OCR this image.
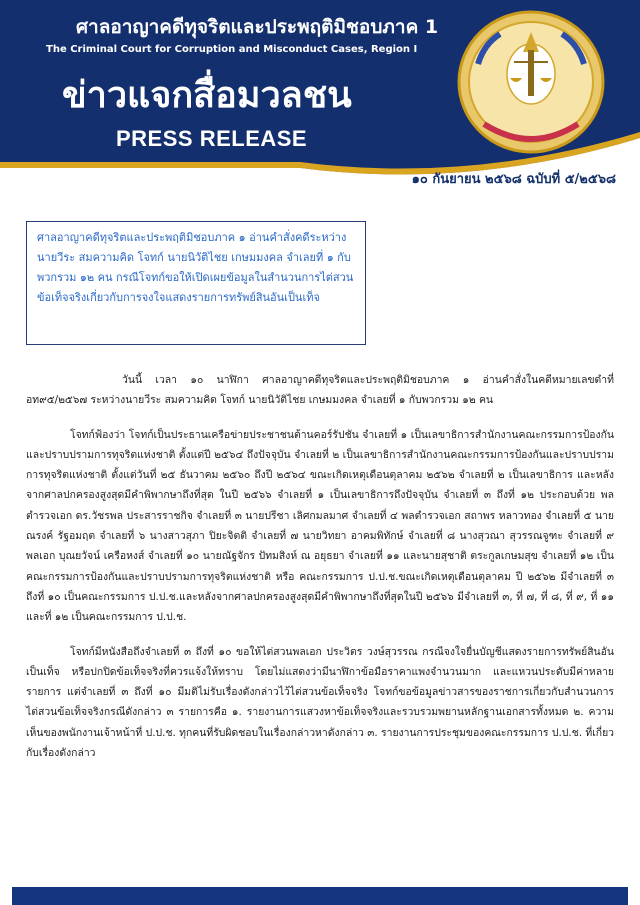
ศาลอาญาคดีทุจริตและประพฤติมิชอบภาค 1
The Criminal Court for Corruption and Misconduct Cases, Region I
ข่าวแจกสื่อมวลชน
PRESS RELEASE
๑๐ กันยายน ๒๕๖๘ ฉบับที่ ๕/๒๕๖๘
ศาลอาญาคดีทุจริตและประพฤติมิชอบภาค ๑ อ่านคำสั่งคดีระหว่าง นายวีระ สมความคิด โจทก์ นายนิวัติไชย เกษมมงคล จำเลยที่ ๑ กับพวกรวม ๑๒ คน กรณีโจทก์ขอให้เปิดเผยข้อมูลในสำนวนการไต่สวนข้อเท็จจริงเกี่ยวกับการจงใจแสดงรายการทรัพย์สินอันเป็นเท็จ

วันนี้ เวลา ๑๐ นาฬิกา ศาลอาญาคดีทุจริตและประพฤติมิชอบภาค ๑ อ่านคำสั่งในคดีหมายเลขดำที่ อท๙๕/๒๕๖๗ ระหว่างนายวีระ สมความคิด โจทก์ นายนิวัติไชย เกษมมงคล จำเลยที่ ๑ กับพวกรวม ๑๒ คน

โจทก์ฟ้องว่า โจทก์เป็นประธานเครือข่ายประชาชนต้านคอร์รัปชัน จำเลยที่ ๑ เป็นเลขาธิการสำนักงานคณะกรรมการป้องกันและปราบปรามการทุจริตแห่งชาติ ตั้งแต่ปี ๒๕๖๔ ถึงปัจจุบัน จำเลยที่ ๒ เป็นเลขาธิการสำนักงานคณะกรรมการป้องกันและปราบปรามการทุจริตแห่งชาติ ตั้งแต่วันที่ ๒๕ ธันวาคม ๒๕๖๐ ถึงปี ๒๕๖๔ ขณะเกิดเหตุเดือนตุลาคม ๒๕๖๒ จำเลยที่ ๒ เป็นเลขาธิการ และหลังจากศาลปกครองสูงสุดมีคำพิพากษาถึงที่สุด ในปี ๒๕๖๖ จำเลยที่ ๑ เป็นเลขาธิการถึงปัจจุบัน จำเลยที่ ๓ ถึงที่ ๑๒ ประกอบด้วย พลตำรวจเอก ดร.วัชรพล ประสารราชกิจ จำเลยที่ ๓ นายปรีชา เลิศกมลมาศ จำเลยที่ ๔ พลตำรวจเอก สถาพร หลาวทอง จำเลยที่ ๕ นายณรงค์ รัฐอมฤต จำเลยที่ ๖ นางสาวสุภา ปิยะจิตติ จำเลยที่ ๗ นายวิทยา อาคมพิทักษ์ จำเลยที่ ๘ นางสุวณา สุวรรณจูฑะ จำเลยที่ ๙ พลเอก บุณยวัจน์ เครือหงส์ จำเลยที่ ๑๐ นายณัฐจักร ปัทมสิงห์ ณ อยุธยา จำเลยที่ ๑๑ และนายสุชาติ ตระกูลเกษมสุข จำเลยที่ ๑๒ เป็นคณะกรรมการป้องกันและปราบปรามการทุจริตแห่งชาติ หรือ คณะกรรมการ ป.ป.ช.ขณะเกิดเหตุเดือนตุลาคม ปี ๒๕๖๒ มีจำเลยที่ ๓ ถึงที่ ๑๐ เป็นคณะกรรมการ ป.ป.ช.และหลังจากศาลปกครองสูงสุดมีคำพิพากษาถึงที่สุดในปี ๒๕๖๖ มีจำเลยที่ ๓, ที่ ๗, ที่ ๘, ที่ ๙, ที่ ๑๑ และที่ ๑๒ เป็นคณะกรรมการ ป.ป.ช.

โจทก์มีหนังสือถึงจำเลยที่ ๓ ถึงที่ ๑๐ ขอให้ไต่สวนพลเอก ประวิตร วงษ์สุวรรณ กรณีจงใจยื่นบัญชีแสดงรายการทรัพย์สินอันเป็นเท็จ หรือปกปิดข้อเท็จจริงที่ควรแจ้งให้ทราบ โดยไม่แสดงว่ามีนาฬิกาข้อมือราคาแพงจำนวนมาก และแหวนประดับมีค่าหลายรายการ แต่จำเลยที่ ๓ ถึงที่ ๑๐ มีมติไม่รับเรื่องดังกล่าวไว้ไต่สวนข้อเท็จจริง โจทก์ขอข้อมูลข่าวสารของราชการเกี่ยวกับสำนวนการไต่สวนข้อเท็จจริงกรณีดังกล่าว ๓ รายการคือ ๑. รายงานการแสวงหาข้อเท็จจริงและรวบรวมพยานหลักฐานเอกสารทั้งหมด ๒. ความเห็นของพนักงานเจ้าหน้าที่ ป.ป.ช. ทุกคนที่รับผิดชอบในเรื่องกล่าวหาดังกล่าว ๓. รายงานการประชุมของคณะกรรมการ ป.ป.ช. ที่เกี่ยวกับเรื่องดังกล่าว
